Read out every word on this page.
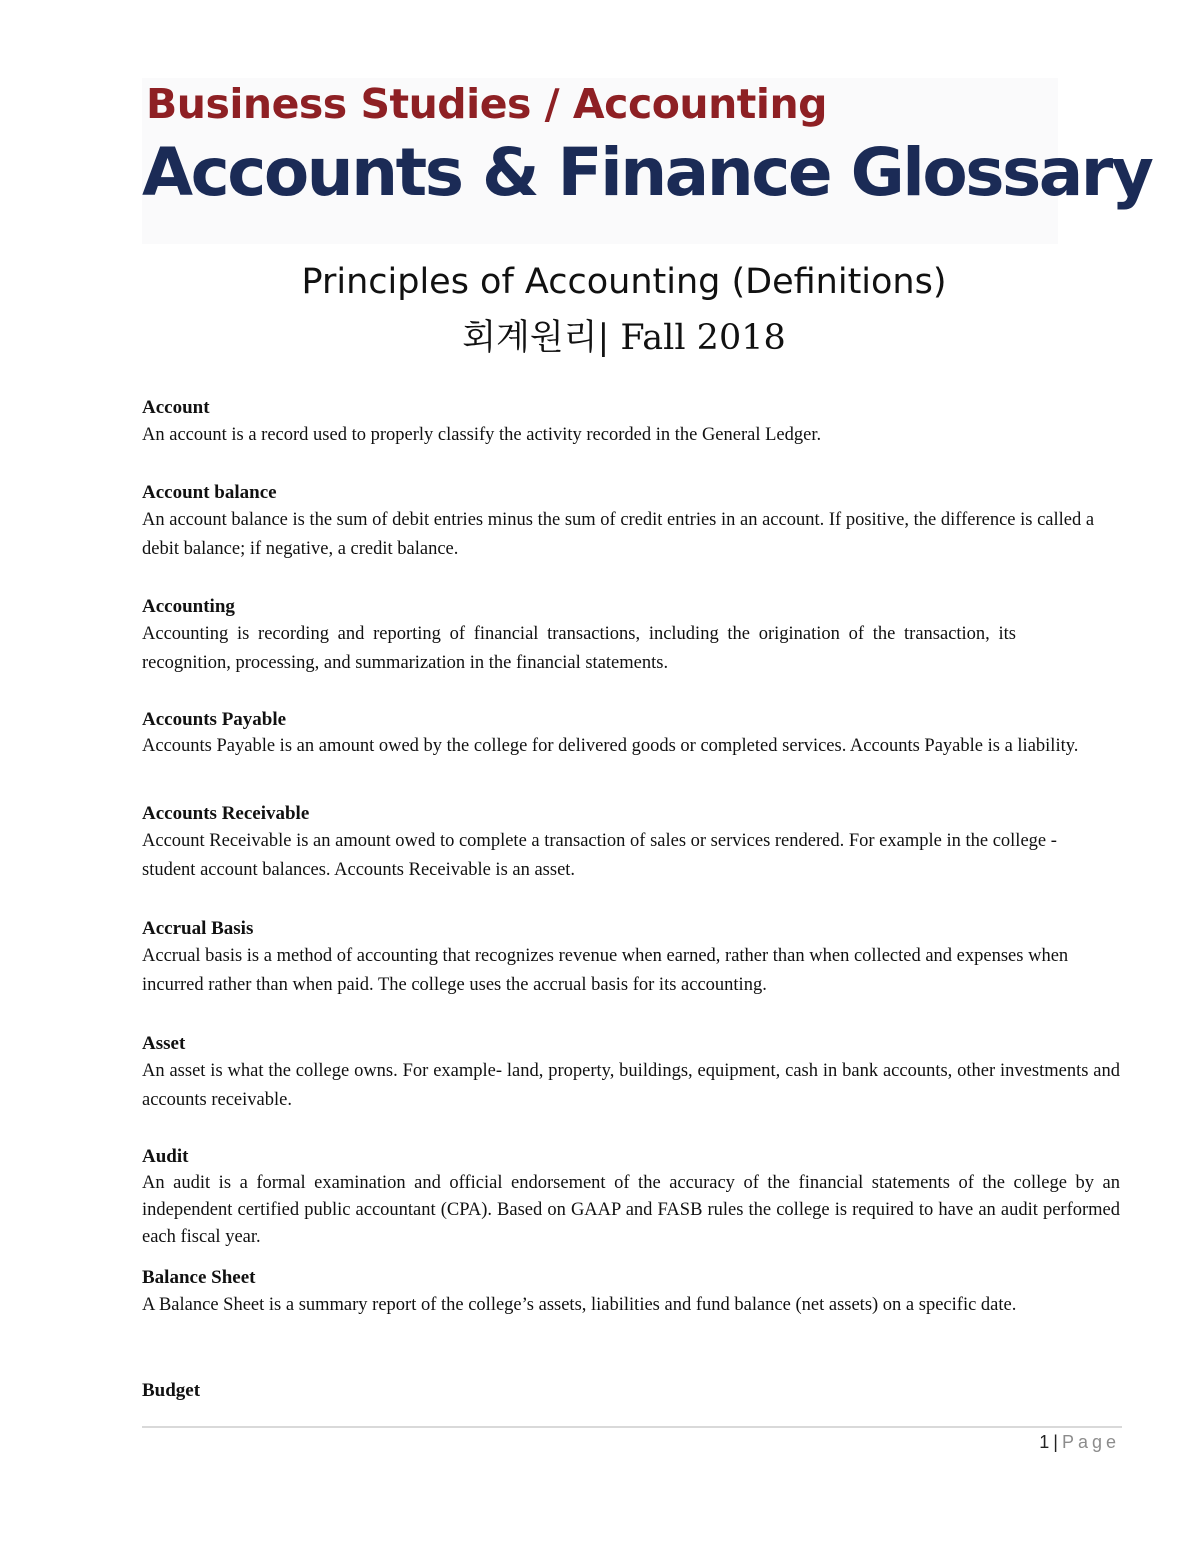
Business Studies / Accounting
Accounts & Finance Glossary
Principles of Accounting (Definitions)
회계원리| Fall 2018
Account
An account is a record used to properly classify the activity recorded in the General Ledger.
Account balance
An account balance is the sum of debit entries minus the sum of credit entries in an account. If positive, the difference is called a debit balance; if negative, a credit balance.
Accounting
Accounting is recording and reporting of financial transactions, including the origination of the transaction, its recognition, processing, and summarization in the financial statements.
Accounts Payable
Accounts Payable is an amount owed by the college for delivered goods or completed services. Accounts Payable is a liability.
Accounts Receivable
Account Receivable is an amount owed to complete a transaction of sales or services rendered. For example in the college -student account balances. Accounts Receivable is an asset.
Accrual Basis
Accrual basis is a method of accounting that recognizes revenue when earned, rather than when collected and expenses when incurred rather than when paid. The college uses the accrual basis for its accounting.
Asset
An asset is what the college owns. For example- land, property, buildings, equipment, cash in bank accounts, other investments and accounts receivable.
Audit
An audit is a formal examination and official endorsement of the accuracy of the financial statements of the college by an independent certified public accountant (CPA). Based on GAAP and FASB rules the college is required to have an audit performed each fiscal year.
Balance Sheet
A Balance Sheet is a summary report of the college’s assets, liabilities and fund balance (net assets) on a specific date.
Budget
1 | Page
